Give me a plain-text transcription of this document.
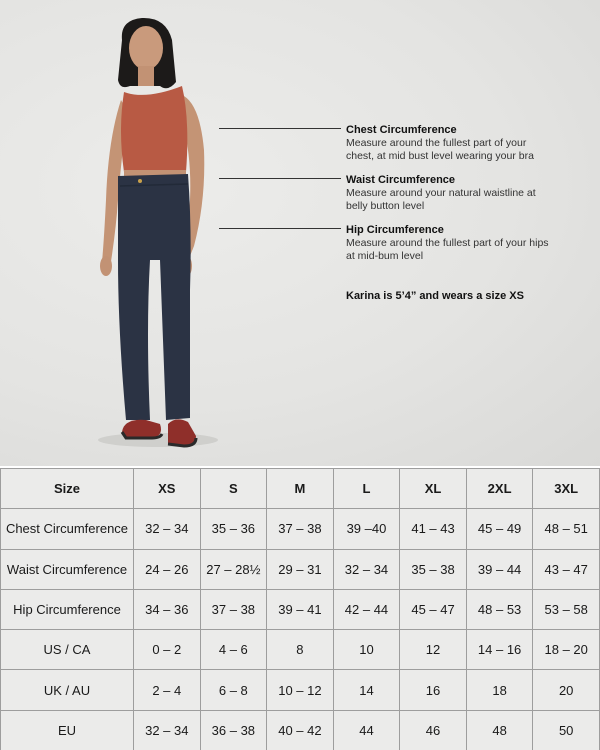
Chest Circumference
Measure around the fullest part of your chest, at mid bust level wearing your bra
Waist Circumference
Measure around your natural waistline at belly button level
Hip Circumference
Measure around the fullest part of your hips at mid-bum level
Karina is 5’4” and wears a size XS
Size	XS	S	M	L	XL	2XL	3XL
Chest Circumference	32 – 34	35 – 36	37 – 38	39 –40	41 – 43	45 – 49	48 – 51
Waist Circumference	24 – 26	27 – 28½	29 – 31	32 – 34	35 – 38	39 – 44	43 – 47
Hip Circumference	34 – 36	37 – 38	39 – 41	42 – 44	45 – 47	48 – 53	53 – 58
US / CA	0 – 2	4 – 6	8	10	12	14 – 16	18 – 20
UK / AU	2 – 4	6 – 8	10 – 12	14	16	18	20
EU	32 – 34	36 – 38	40 – 42	44	46	48	50
